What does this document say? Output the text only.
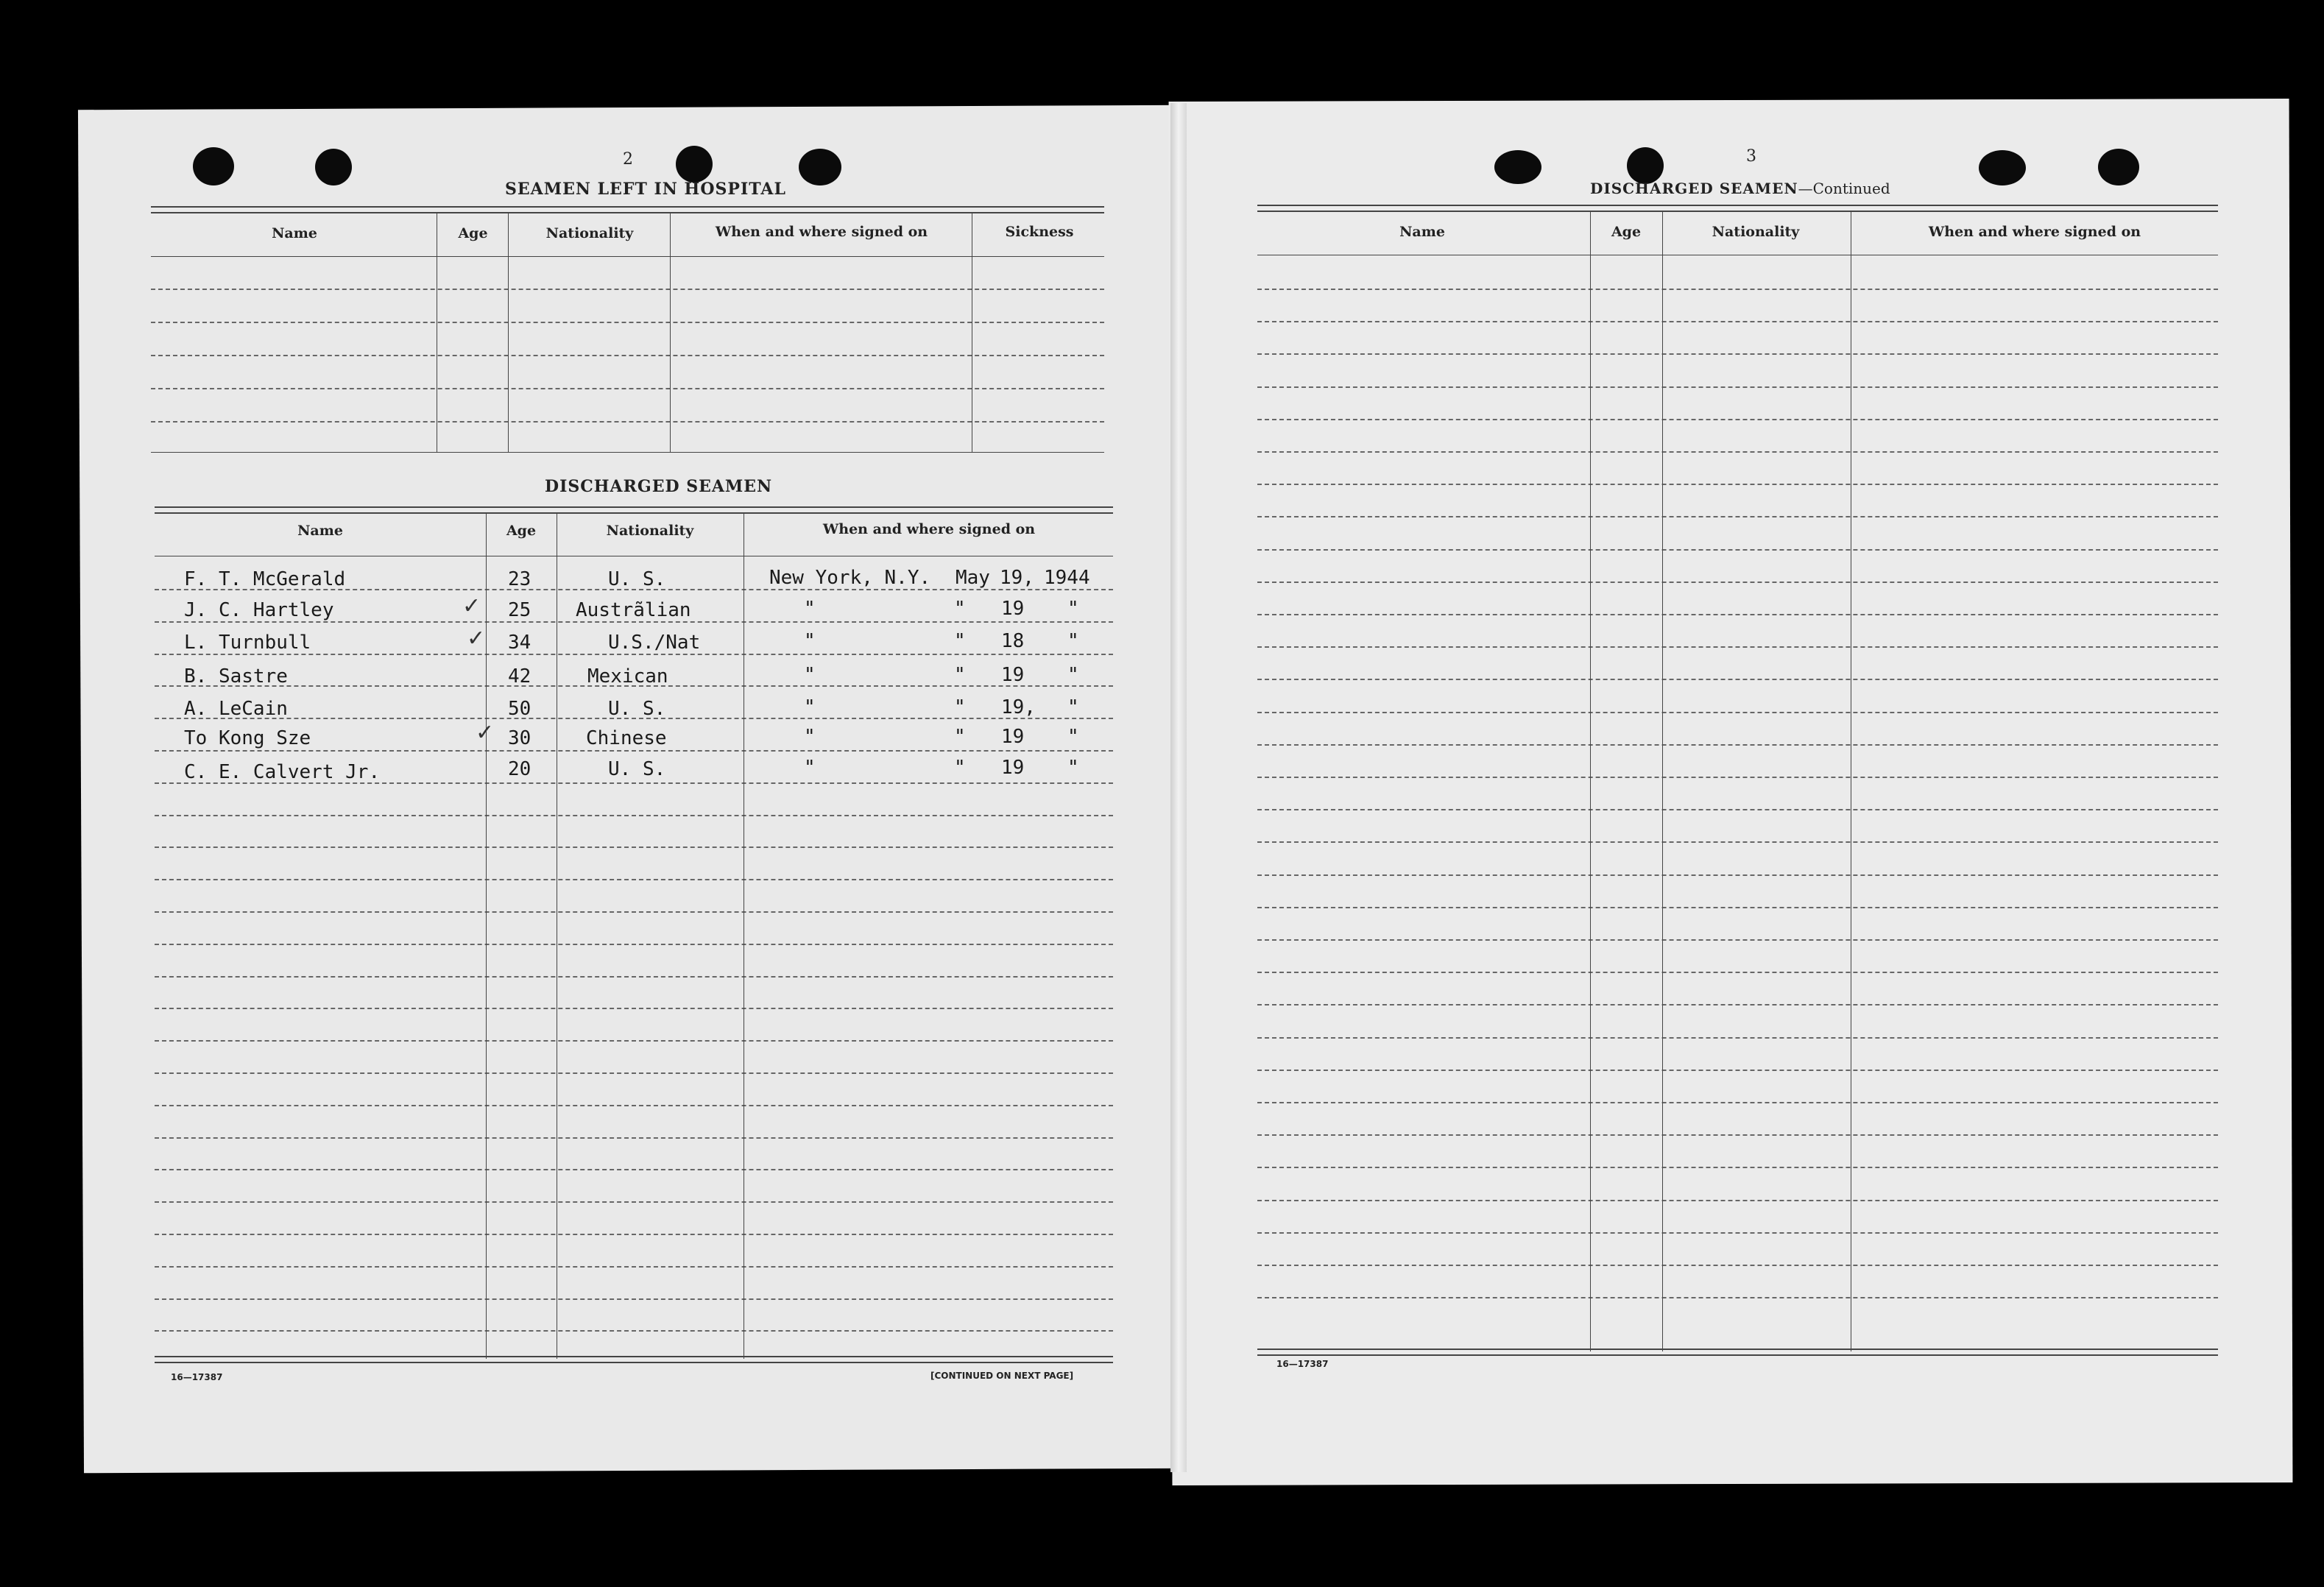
2
SEAMEN LEFT IN HOSPITAL
Name	Age	Nationality	When and where signed on	Sickness
DISCHARGED SEAMEN
Name	Age	Nationality	When and where signed on
F. T. McGerald	23	U. S.	New York, N.Y. May 19, 1944
J. C. Hartley	✓ 25 Austrãlian	"	" 19 "
L. Turnbull	✓ 34	U.S./Nat	"	" 18 "
B. Sastre	42	Mexican	"	" 19 "
A. LeCain	50	U. S.	"	" 19, "
To Kong Sze	✓ 30	Chinese	"	" 19 "
C. E. Calvert Jr.	20	U. S.	"	" 19 "
16—17387	[CONTINUED ON NEXT PAGE]
3
DISCHARGED SEAMEN—Continued
Name	Age	Nationality	When and where signed on
16—17387
